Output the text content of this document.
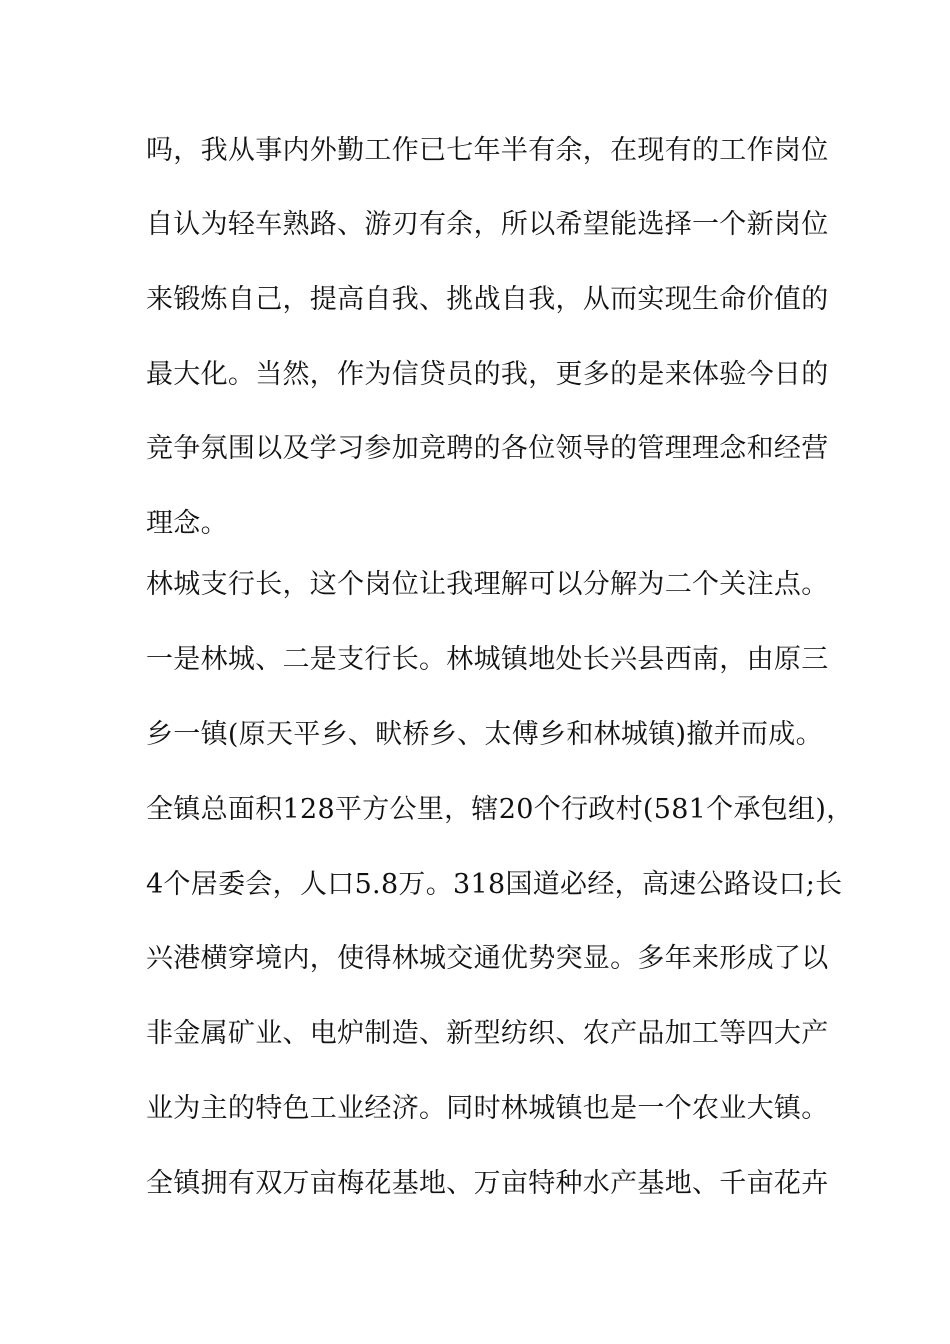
吗，我从事内外勤工作已七年半有余，在现有的工作岗位
自认为轻车熟路、游刃有余，所以希望能选择一个新岗位
来锻炼自己，提高自我、挑战自我，从而实现生命价值的
最大化。当然，作为信贷员的我，更多的是来体验今日的
竞争氛围以及学习参加竞聘的各位领导的管理理念和经营
理念。
林城支行长，这个岗位让我理解可以分解为二个关注点。
一是林城、二是支行长。林城镇地处长兴县西南，由原三
乡一镇(原天平乡、畎桥乡、太傅乡和林城镇)撤并而成。
全镇总面积128平方公里，辖20个行政村(581个承包组)，
4个居委会，人口5.8万。318国道必经，高速公路设口;长
兴港横穿境内，使得林城交通优势突显。多年来形成了以
非金属矿业、电炉制造、新型纺织、农产品加工等四大产
业为主的特色工业经济。同时林城镇也是一个农业大镇。
全镇拥有双万亩梅花基地、万亩特种水产基地、千亩花卉
